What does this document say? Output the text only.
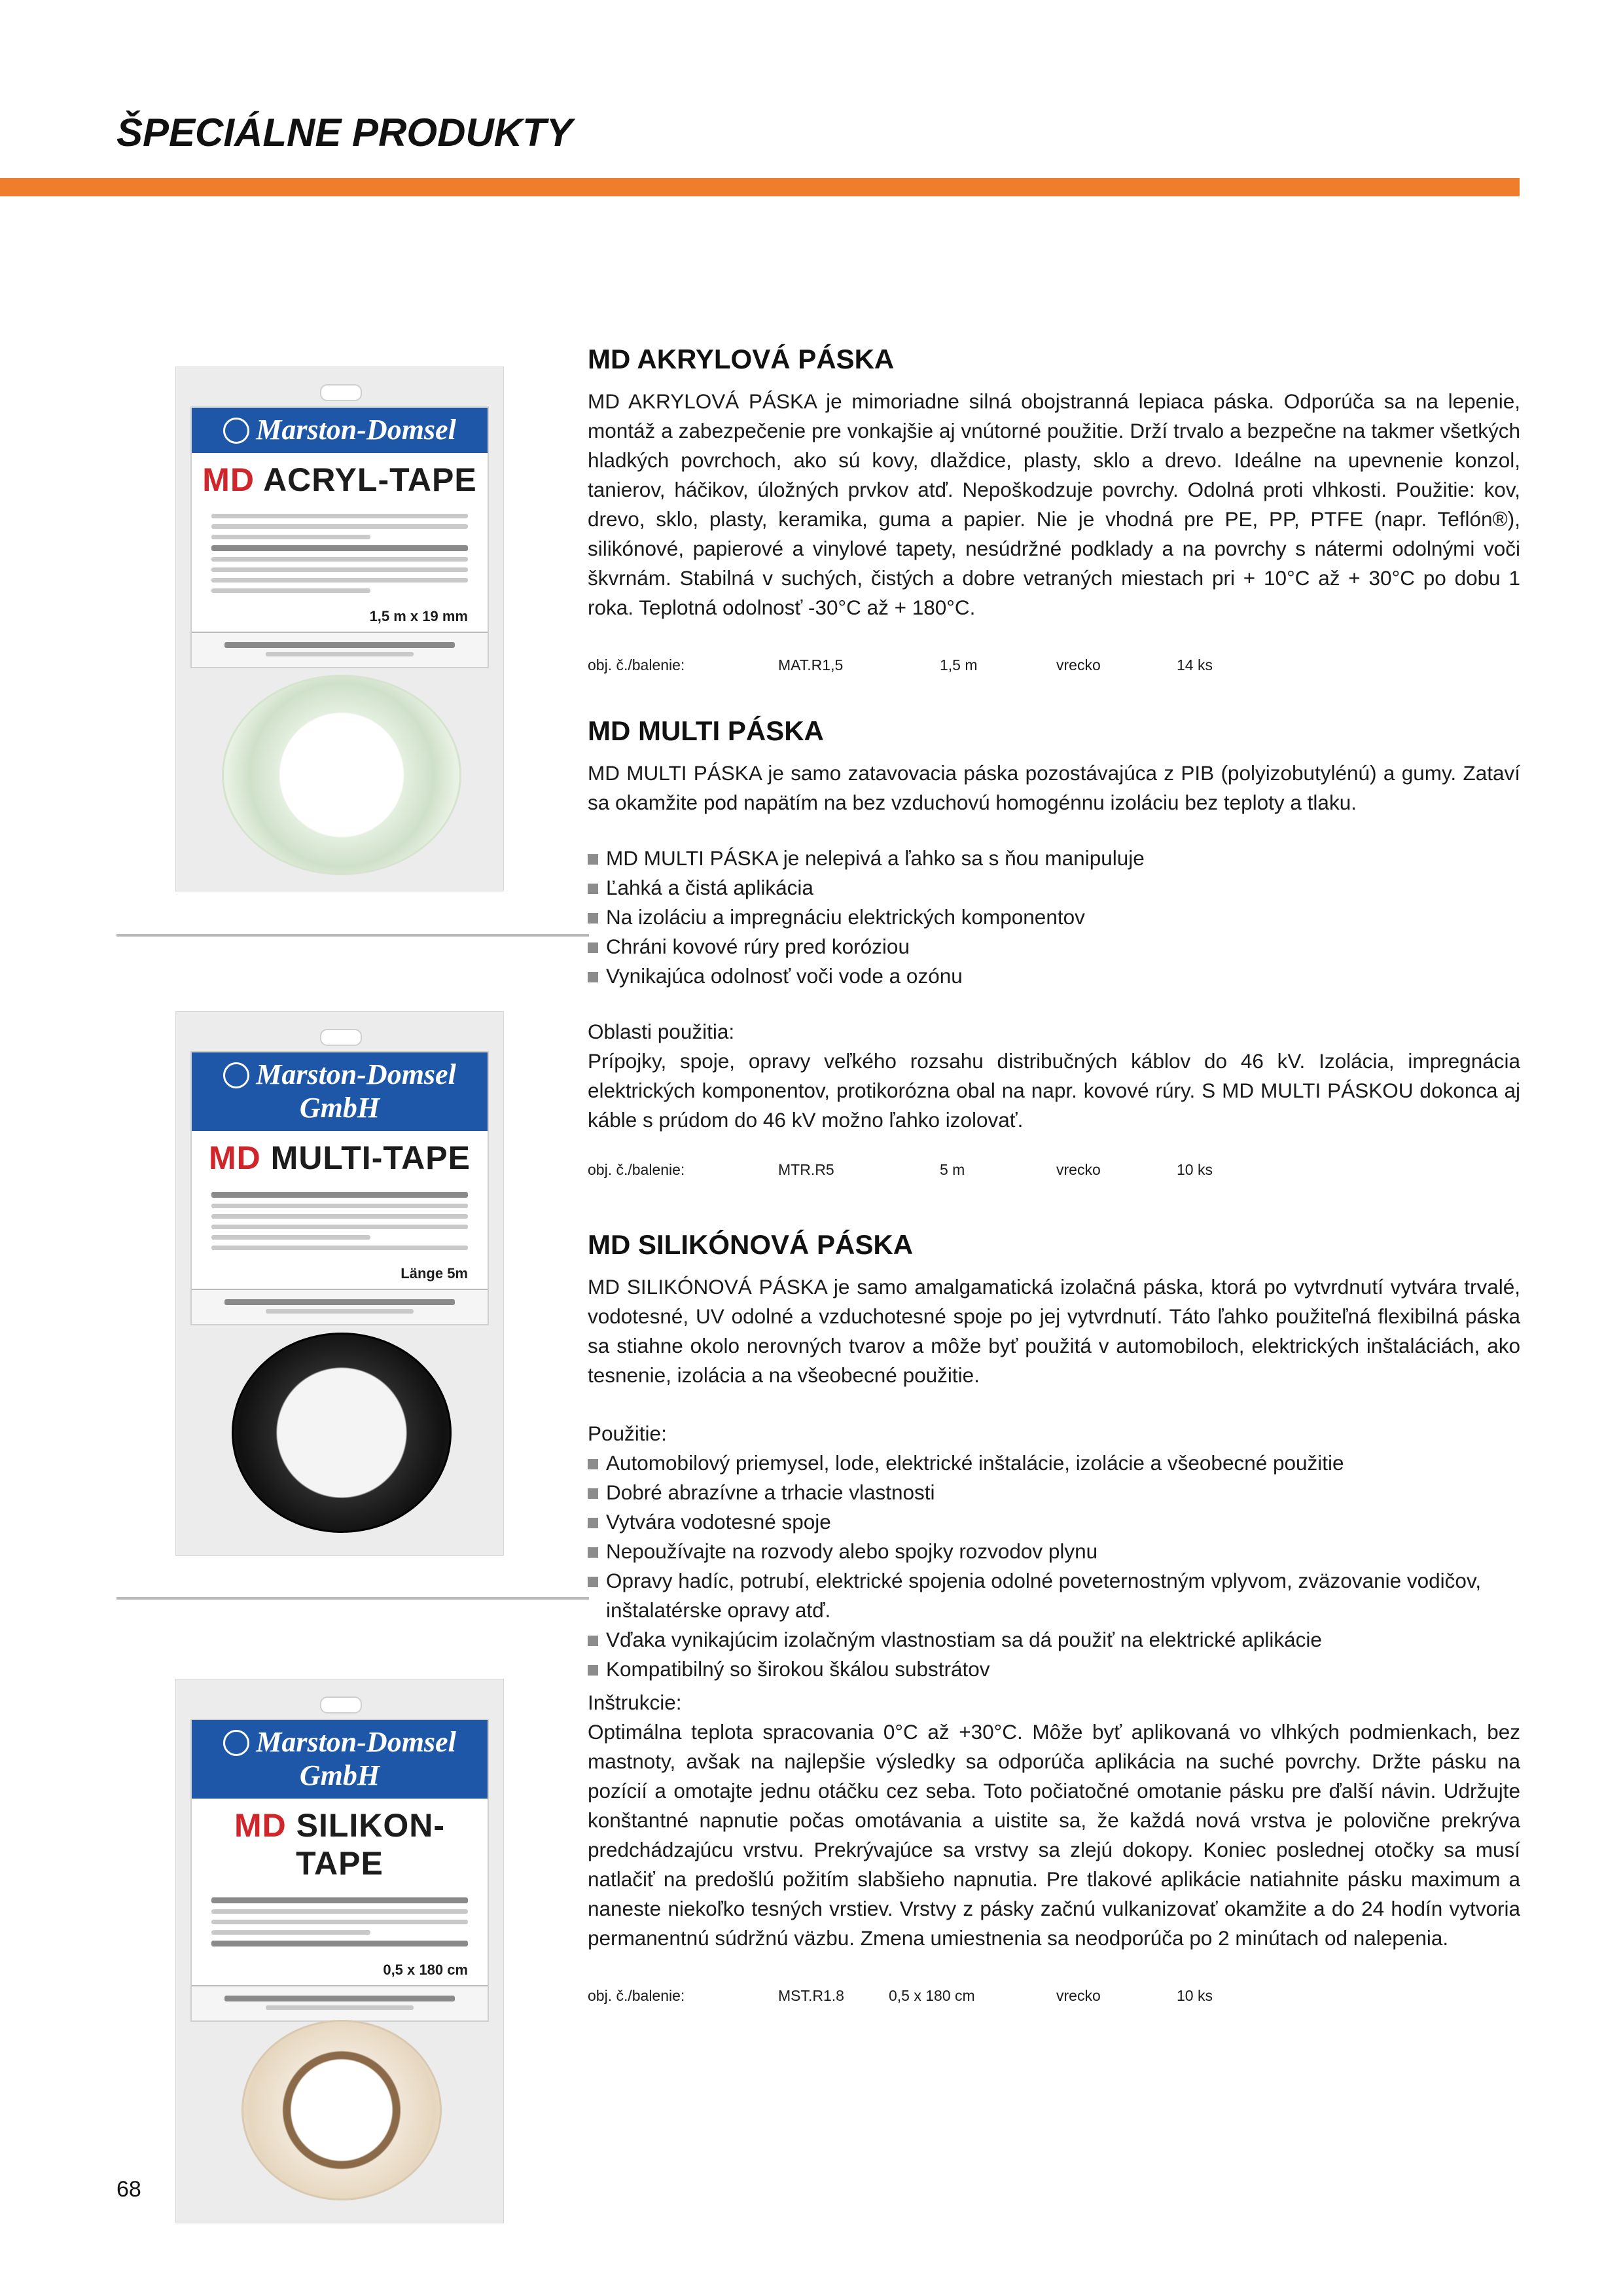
ŠPECIÁLNE PRODUKTY
Marston-Domsel
MD ACRYL-TAPE
1,5 m x 19 mm
Marston-Domsel GmbH
MD MULTI-TAPE
Länge 5m
Marston-Domsel GmbH
MD SILIKON-TAPE
0,5 x 180 cm
MD AKRYLOVÁ PÁSKA

MD AKRYLOVÁ PÁSKA je mimoriadne silná obojstranná lepiaca páska. Odporúča sa na lepenie, montáž a zabezpečenie pre vonkajšie aj vnútorné použitie. Drží trvalo a bezpečne na takmer všetkých hladkých povrchoch, ako sú kovy, dlaždice, plasty, sklo a drevo. Ideálne na upevnenie konzol, tanierov, háčikov, úložných prvkov atď. Nepoškodzuje povrchy. Odolná proti vlhkosti. Použitie: kov, drevo, sklo, plasty, keramika, guma a papier. Nie je vhodná pre PE, PP, PTFE (napr. Teflón®), silikónové, papierové a vinylové tapety, nesúdržné podklady a na povrchy s nátermi odolnými voči škvrnám. Stabilná v suchých, čistých a dobre vetraných miestach pri + 10°C až + 30°C po dobu 1 roka. Teplotná odolnosť -30°C až + 180°C.

obj. č./balenie:	MAT.R1,5	1,5 m	vrecko	14 ks
MD MULTI PÁSKA

MD MULTI PÁSKA je samo zatavovacia páska pozostávajúca z PIB (polyizobutylénú) a gumy. Zataví sa okamžite pod napätím na bez vzduchovú homogénnu izoláciu bez teploty a tlaku.

MD MULTI PÁSKA je nelepivá a ľahko sa s ňou manipuluje
Ľahká a čistá aplikácia
Na izoláciu a impregnáciu elektrických komponentov
Chráni kovové rúry pred koróziou
Vynikajúca odolnosť voči vode a ozónu

Oblasti použitia:

Prípojky, spoje, opravy veľkého rozsahu distribučných káblov do 46 kV. Izolácia, impregnácia elektrických komponentov, protikorózna obal na napr. kovové rúry. S MD MULTI PÁSKOU dokonca aj káble s prúdom do 46 kV možno ľahko izolovať.

obj. č./balenie:	MTR.R5	5 m	vrecko	10 ks
MD SILIKÓNOVÁ PÁSKA

MD SILIKÓNOVÁ PÁSKA je samo amalgamatická izolačná páska, ktorá po vytvrdnutí vytvára trvalé, vodotesné, UV odolné a vzduchotesné spoje po jej vytvrdnutí. Táto ľahko použiteľná flexibilná páska sa stiahne okolo nerovných tvarov a môže byť použitá v automobiloch, elektrických inštaláciách, ako tesnenie, izolácia a na všeobecné použitie.

Použitie:

Automobilový priemysel, lode, elektrické inštalácie, izolácie a všeobecné použitie
Dobré abrazívne a trhacie vlastnosti
Vytvára vodotesné spoje
Nepoužívajte na rozvody alebo spojky rozvodov plynu
Opravy hadíc, potrubí, elektrické spojenia odolné poveternostným vplyvom, zväzovanie vodičov, inštalatérske opravy atď.
Vďaka vynikajúcim izolačným vlastnostiam sa dá použiť na elektrické aplikácie
Kompatibilný so širokou škálou substrátov

Inštrukcie:

Optimálna teplota spracovania 0°C až +30°C. Môže byť aplikovaná vo vlhkých podmienkach, bez mastnoty, avšak na najlepšie výsledky sa odporúča aplikácia na suché povrchy. Držte pásku na pozícií a omotajte jednu otáčku cez seba. Toto počiatočné omotanie pásku pre ďalší návin. Udržujte konštantné napnutie počas omotávania a uistite sa, že každá nová vrstva je polovične prekrýva predchádzajúcu vrstvu. Prekrývajúce sa vrstvy sa zlejú dokopy. Koniec poslednej otočky sa musí natlačiť na predošlú požitím slabšieho napnutia. Pre tlakové aplikácie natiahnite pásku maximum a naneste niekoľko tesných vrstiev. Vrstvy z pásky začnú vulkanizovať okamžite a do 24 hodín vytvoria permanentnú súdržnú väzbu. Zmena umiestnenia sa neodporúča po 2 minútach od nalepenia.

obj. č./balenie:	MST.R1.8	0,5 x 180 cm	vrecko	10 ks
68
